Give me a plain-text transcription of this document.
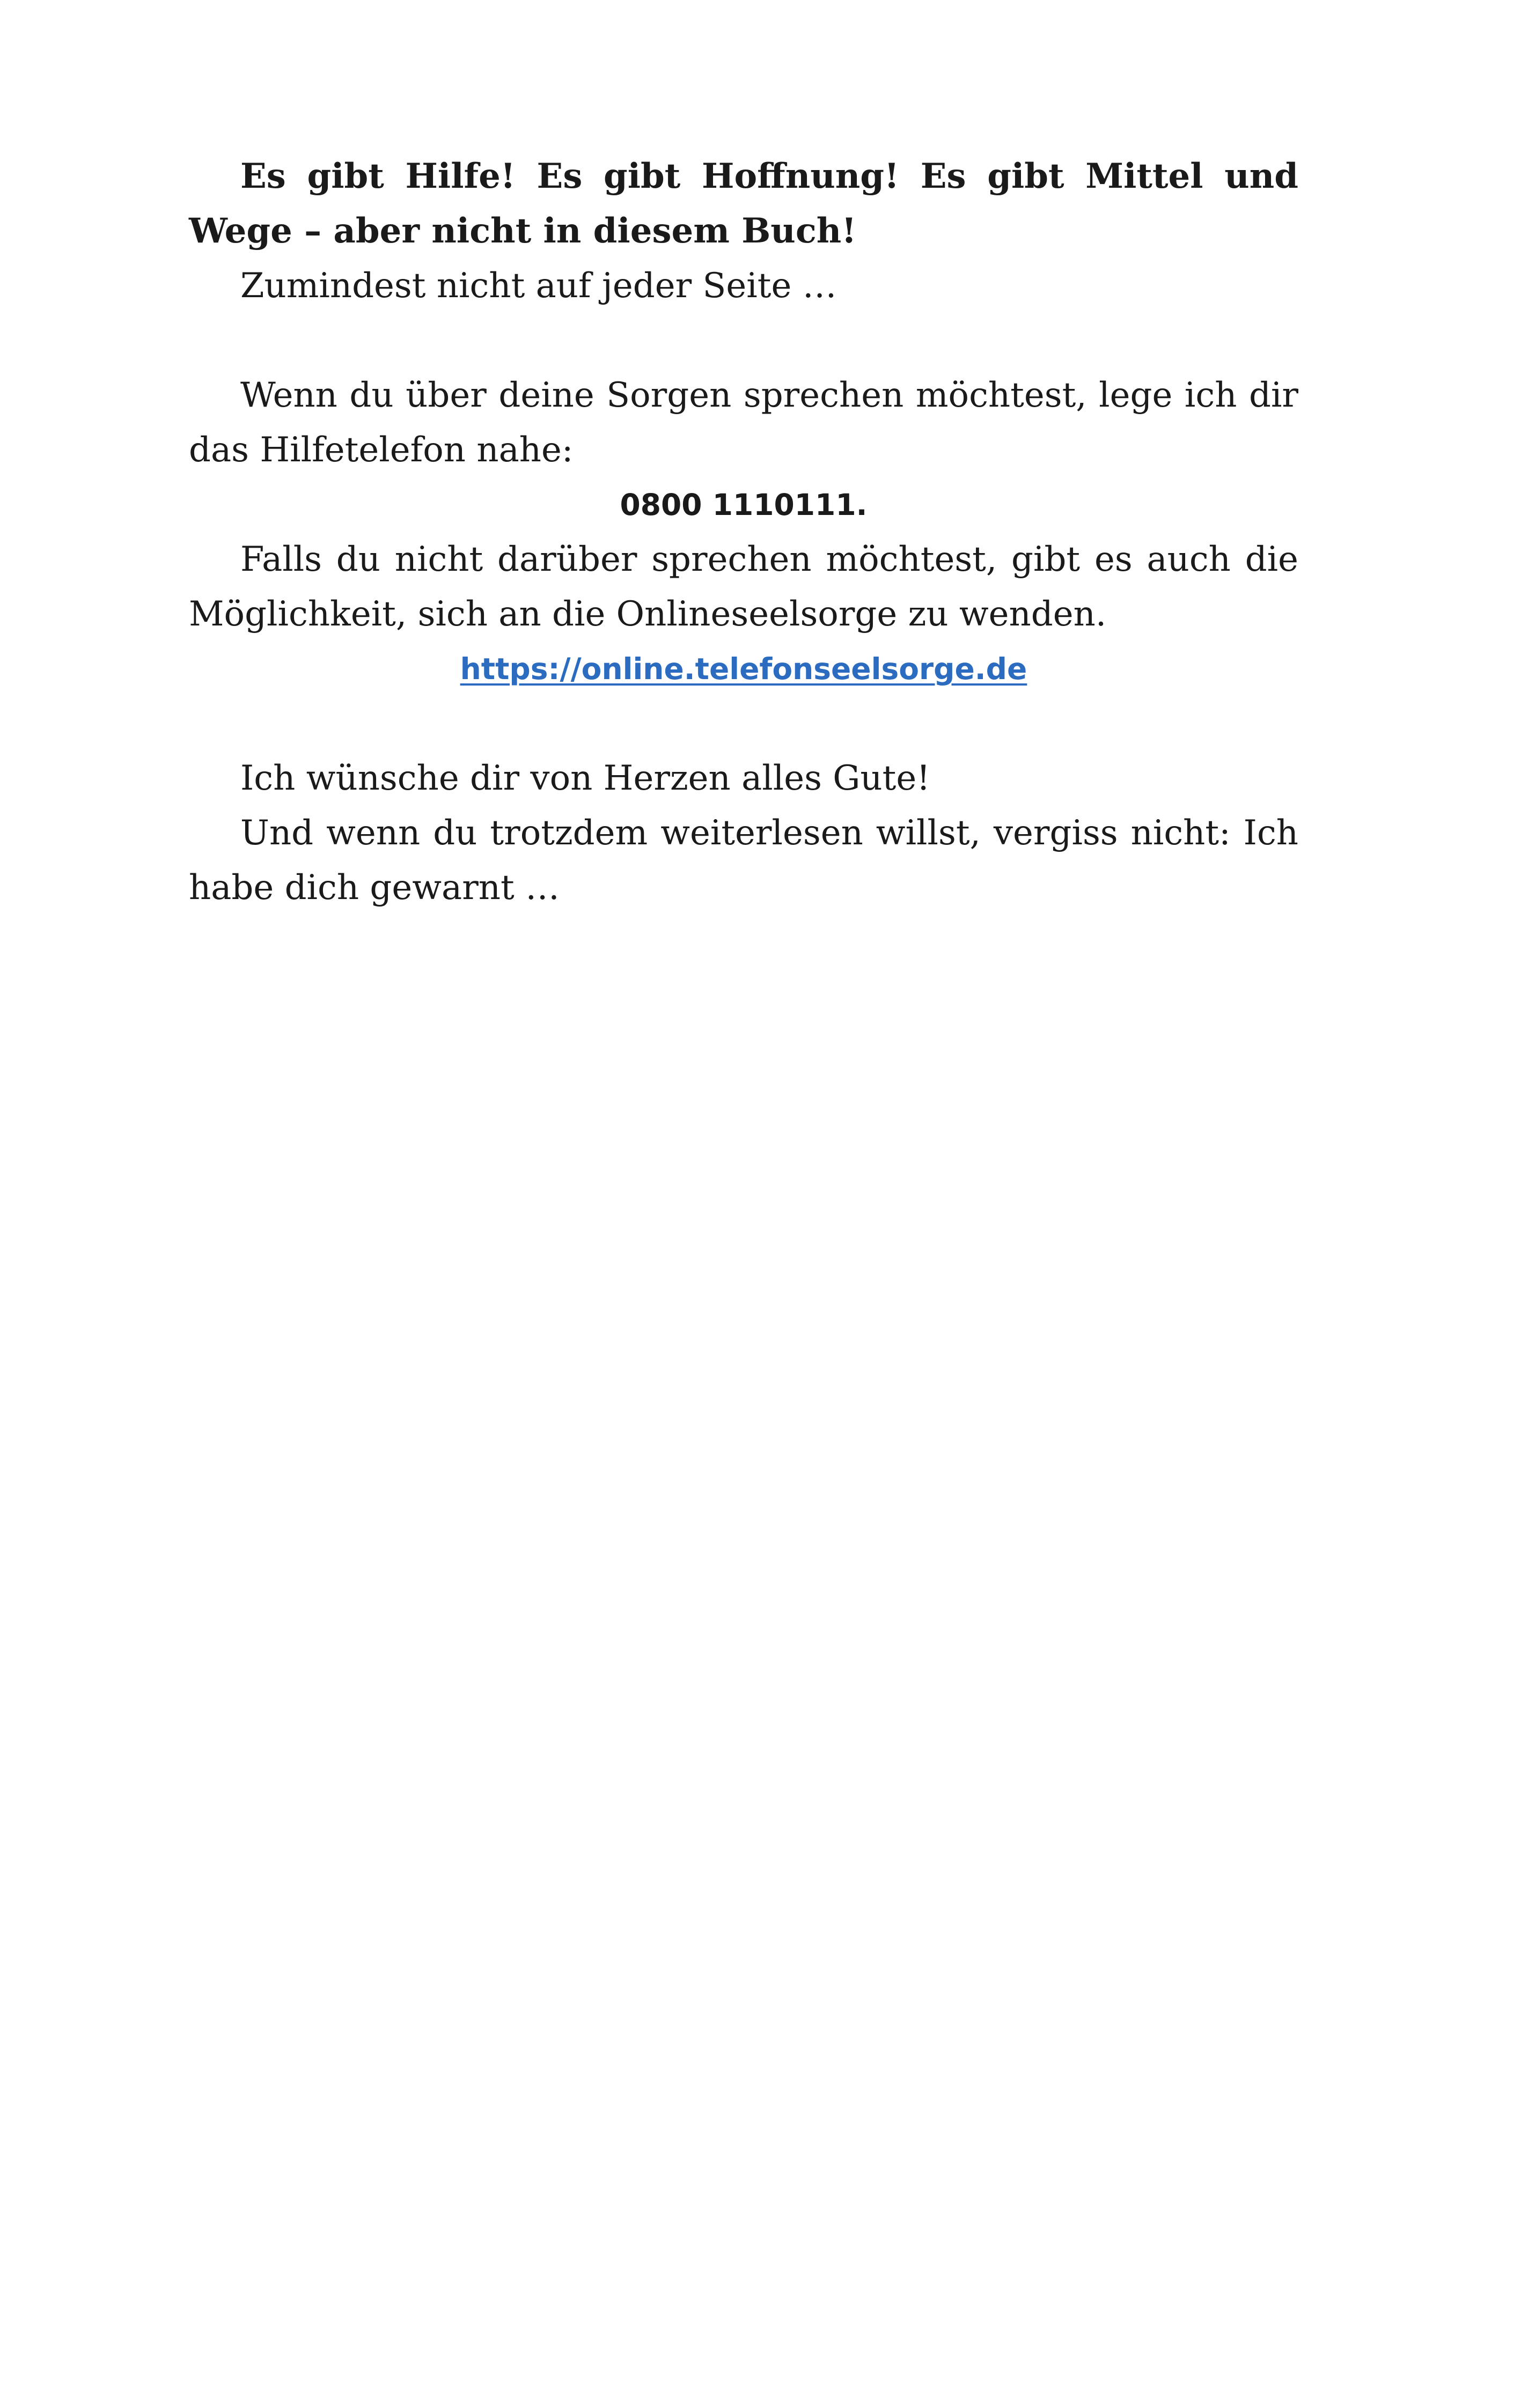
Es gibt Hilfe! Es gibt Hoffnung! Es gibt Mittel und Wege – aber nicht in diesem Buch!

Zumindest nicht auf jeder Seite …

Wenn du über deine Sorgen sprechen möchtest, lege ich dir das Hilfetelefon nahe:

0800 1110111.

Falls du nicht darüber sprechen möchtest, gibt es auch die Möglichkeit, sich an die Onlineseelsorge zu wenden.

https://online.telefonseelsorge.de

Ich wünsche dir von Herzen alles Gute!

Und wenn du trotzdem weiterlesen willst, vergiss nicht: Ich habe dich gewarnt …
